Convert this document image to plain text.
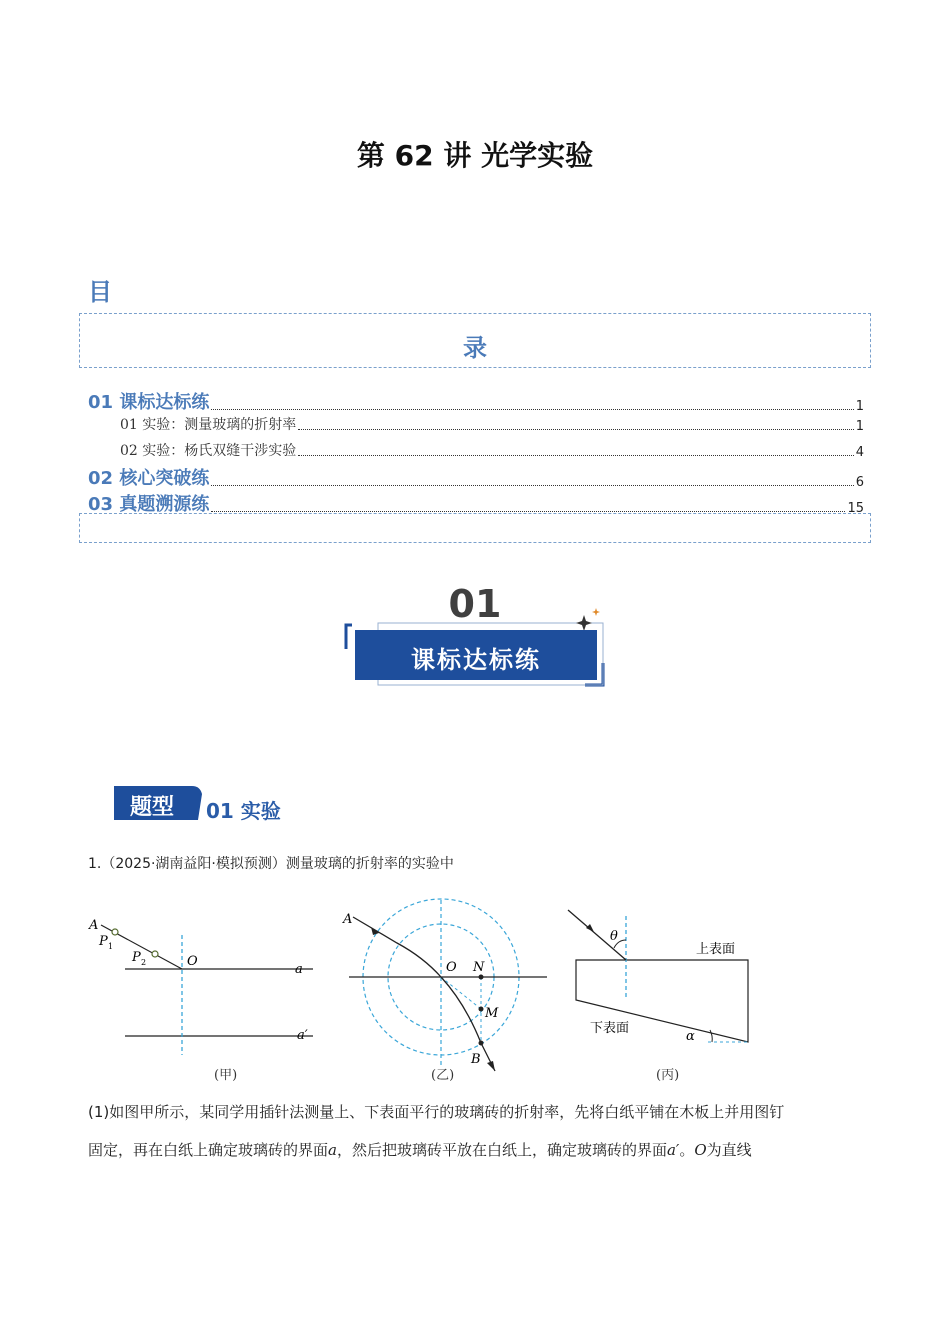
第 62 讲 光学实验
目
录
01 课标达标练	1
01 实验：测量玻璃的折射率	1
02 实验：杨氏双缝干涉实验	4
02 核心突破练	6
03 真题溯源练	15
01
课标达标练
题型	01 实验
1.（2025·湖南益阳·模拟预测）测量玻璃的折射率的实验中
A
P 1
P 2	O
a
a′
(甲)
A
O N
M
B
(乙)
θ
上表面
下表面
α
(丙)
(1)如图甲所示，某同学用插针法测量上、下表面平行的玻璃砖的折射率，先将白纸平铺在木板上并用图钉
固定，再在白纸上确定玻璃砖的界面a，然后把玻璃砖平放在白纸上，确定玻璃砖的界面a′。O为直线
